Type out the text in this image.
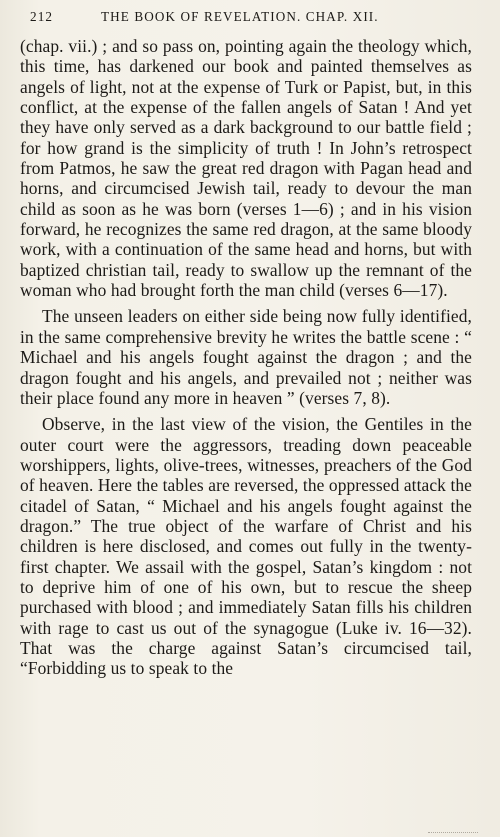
212	THE BOOK OF REVELATION. CHAP. XII.

(chap. vii.) ; and so pass on, pointing again the theology which, this time, has darkened our book and painted themselves as angels of light, not at the expense of Turk or Papist, but, in this conflict, at the expense of the fallen angels of Satan ! And yet they have only served as a dark background to our battle field ; for how grand is the simplicity of truth ! In John’s retrospect from Patmos, he saw the great red dragon with Pagan head and horns, and circumcised Jewish tail, ready to devour the man child as soon as he was born (verses 1—6) ; and in his vision forward, he recognizes the same red dragon, at the same bloody work, with a continuation of the same head and horns, but with baptized christian tail, ready to swallow up the remnant of the woman who had brought forth the man child (verses 6—17).

The unseen leaders on either side being now fully identified, in the same comprehensive brevity he writes the battle scene : “ Michael and his angels fought against the dragon ; and the dragon fought and his angels, and prevailed not ; neither was their place found any more in heaven ” (verses 7, 8).

Observe, in the last view of the vision, the Gentiles in the outer court were the aggressors, treading down peaceable worshippers, lights, olive-trees, witnesses, preachers of the God of heaven. Here the tables are reversed, the oppressed attack the citadel of Satan, “ Michael and his angels fought against the dragon.” The true object of the warfare of Christ and his children is here disclosed, and comes out fully in the twenty-first chapter. We assail with the gospel, Satan’s kingdom : not to deprive him of one of his own, but to rescue the sheep purchased with blood ; and immediately Satan fills his children with rage to cast us out of the synagogue (Luke iv. 16—32). That was the charge against Satan’s circumcised tail, “Forbidding us to speak to the
